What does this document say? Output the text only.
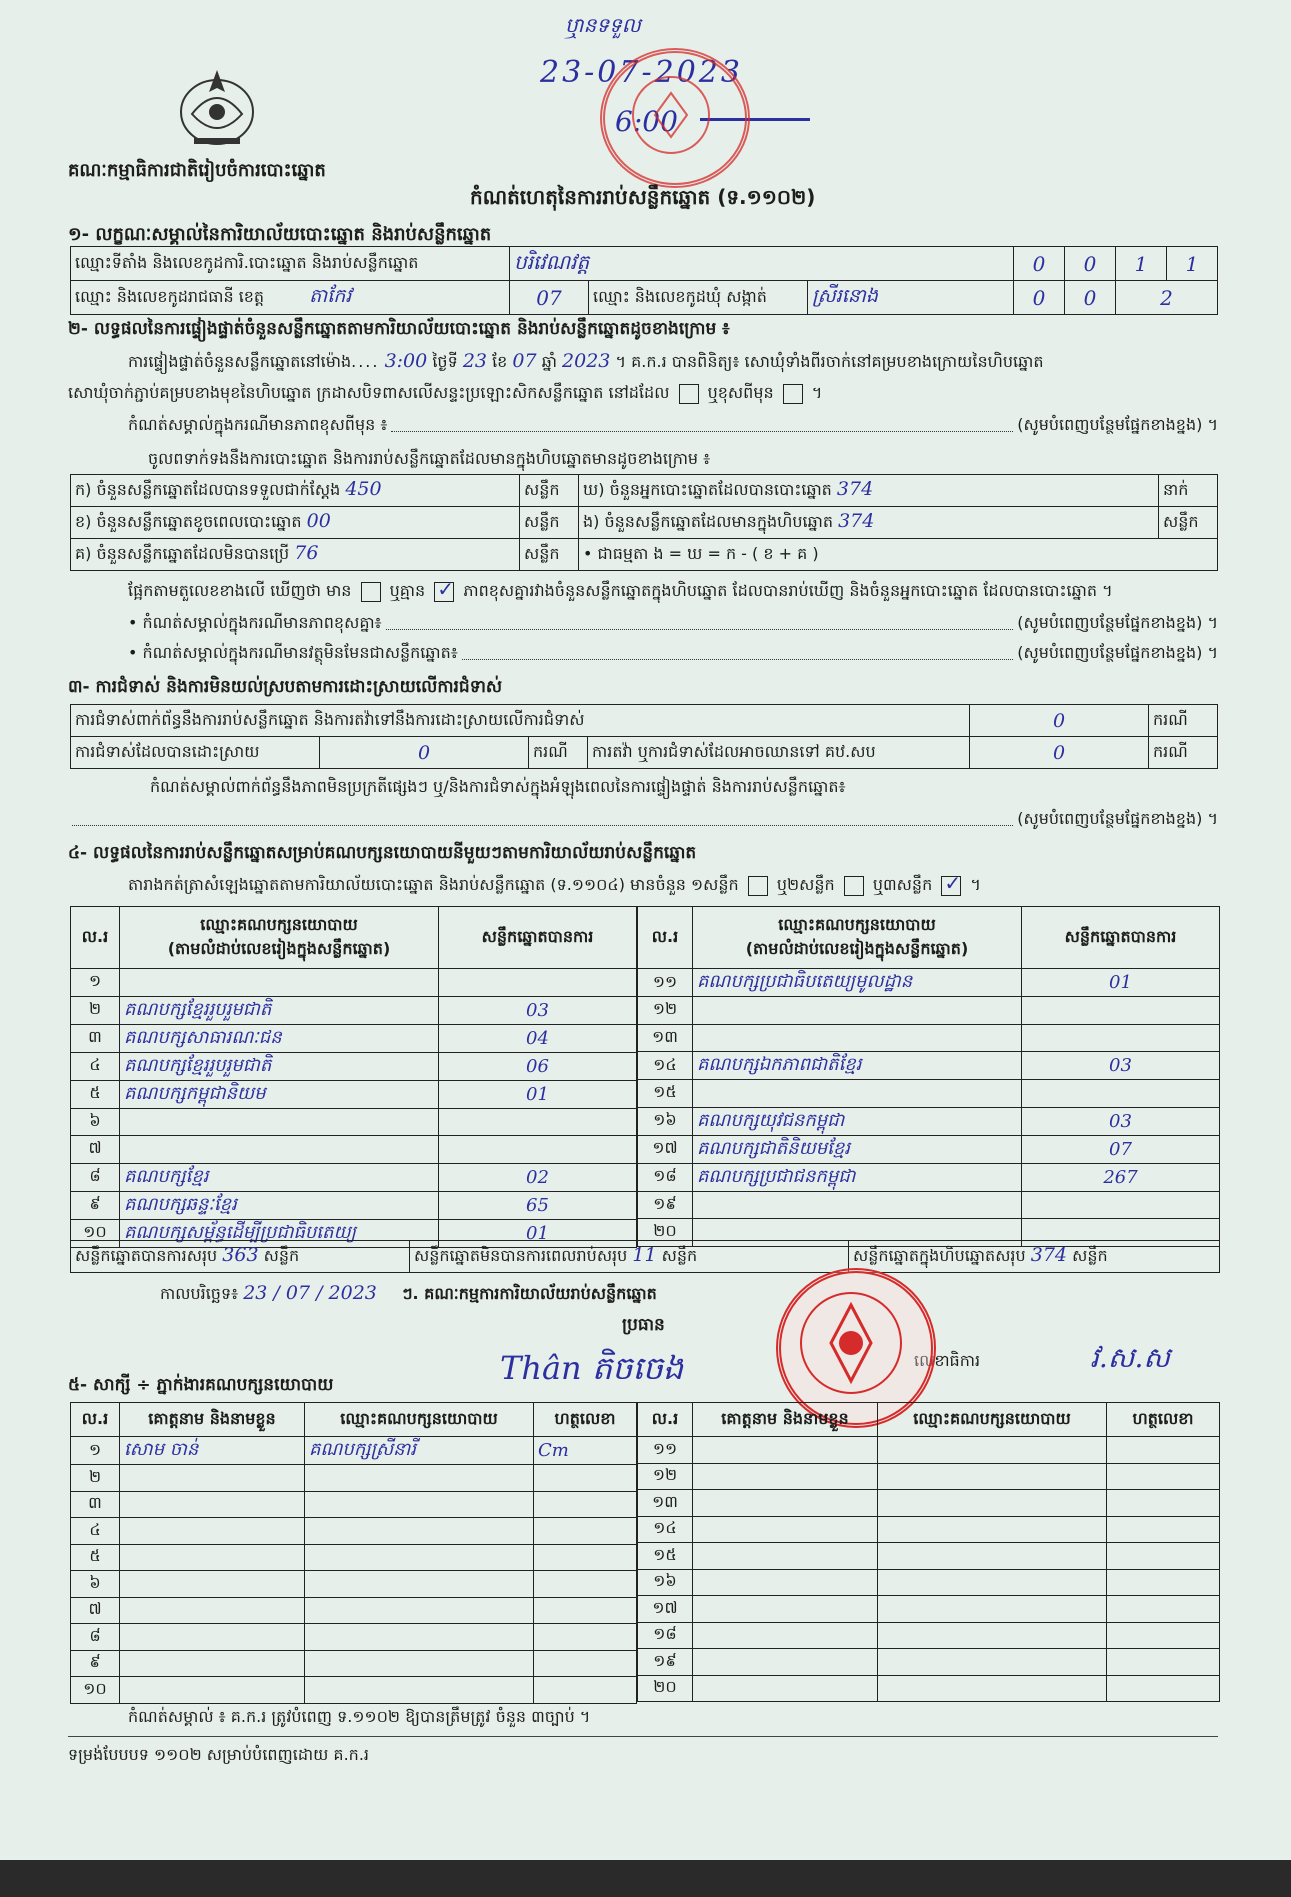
ឬានទទួល
23-07-2023
6:00
គណៈកម្មាធិការជាតិរៀបចំការបោះឆ្នោត
កំណត់ហេតុនៃការរាប់សន្លឹកឆ្នោត (ទ.១១០២)
១- លក្ខណៈសម្គាល់នៃការិយាល័យបោះឆ្នោត និងរាប់សន្លឹកឆ្នោត
ឈ្មោះទីតាំង និងលេខកូដការិ.បោះឆ្នោត និងរាប់សន្លឹកឆ្នោត	បរិវេណវត្ត			0	0	1	1
ឈ្មោះ និងលេខកូដរាជធានី ខេត្ត តាកែវ	07	ឈ្មោះ និងលេខកូដឃុំ សង្កាត់	ស្រីរនោង	0	0	2	
២- លទ្ធផលនៃការផ្ទៀងផ្ទាត់ចំនួនសន្លឹកឆ្នោតតាមការិយាល័យបោះឆ្នោត និងរាប់សន្លឹកឆ្នោតដូចខាងក្រោម ៖
ការផ្ទៀងផ្ទាត់ចំនួនសន្លឹកឆ្នោតនៅម៉ោង.... 3:00 ថ្ងៃទី 23 ខែ 07 ឆ្នាំ 2023 ។ គ.ក.រ បានពិនិត្យ៖ សោឃុំទាំងពីរចាក់នៅគម្របខាងក្រោយនៃហិបឆ្នោត
សោឃុំចាក់ភ្ជាប់គម្របខាងមុខនៃហិបឆ្នោត ក្រដាសបិទពាសលើសន្ទះប្រឡោះសិកសន្លឹកឆ្នោត នៅដដែល ឬខុសពីមុន  ។
កំណត់សម្គាល់ក្នុងករណីមានភាពខុសពីមុន ៖	(សូមបំពេញបន្ថែមផ្នែកខាងខ្នង) ។
ចូលពទាក់ទងនឹងការបោះឆ្នោត និងការរាប់សន្លឹកឆ្នោតដែលមានក្នុងហិបឆ្នោតមានដូចខាងក្រោម ៖
ក) ចំនួនសន្លឹកឆ្នោតដែលបានទទួលជាក់ស្តែង 450	សន្លឹក	ឃ) ចំនួនអ្នកបោះឆ្នោតដែលបានបោះឆ្នោត 374	នាក់
ខ) ចំនួនសន្លឹកឆ្នោតខូចពេលបោះឆ្នោត 00	សន្លឹក	ង) ចំនួនសន្លឹកឆ្នោតដែលមានក្នុងហិបឆ្នោត 374	សន្លឹក
គ) ចំនួនសន្លឹកឆ្នោតដែលមិនបានប្រើ 76	សន្លឹក	• ជាធម្មតា ង = ឃ = ក - ( ខ + គ )	
ផ្អែកតាមតួលេខខាងលើ ឃើញថា មាន ឬគ្មាន ✓ ភាពខុសគ្នារវាងចំនួនសន្លឹកឆ្នោតក្នុងហិបឆ្នោត ដែលបានរាប់ឃើញ និងចំនួនអ្នកបោះឆ្នោត ដែលបានបោះឆ្នោត ។
• កំណត់សម្គាល់ក្នុងករណីមានភាពខុសគ្នា៖	(សូមបំពេញបន្ថែមផ្នែកខាងខ្នង) ។
• កំណត់សម្គាល់ក្នុងករណីមានវត្ថុមិនមែនជាសន្លឹកឆ្នោត៖	(សូមបំពេញបន្ថែមផ្នែកខាងខ្នង) ។
៣- ការជំទាស់ និងការមិនយល់ស្របតាមការដោះស្រាយលើការជំទាស់
ការជំទាស់ពាក់ព័ន្ធនឹងការរាប់សន្លឹកឆ្នោត និងការតវ៉ាទៅនឹងការដោះស្រាយលើការជំទាស់				0	ករណី
ការជំទាស់ដែលបានដោះស្រាយ	0	ករណី	ការតវ៉ា ឬការជំទាស់ដែលអាចឈានទៅ គឋ.សប	0	ករណី
កំណត់សម្គាល់ពាក់ព័ន្ធនឹងភាពមិនប្រក្រតីផ្សេងៗ ឬ/និងការជំទាស់ក្នុងអំឡុងពេលនៃការផ្ទៀងផ្ទាត់ និងការរាប់សន្លឹកឆ្នោត៖
(សូមបំពេញបន្ថែមផ្នែកខាងខ្នង) ។
៤- លទ្ធផលនៃការរាប់សន្លឹកឆ្នោតសម្រាប់គណបក្សនយោបាយនីមួយៗតាមការិយាល័យរាប់សន្លឹកឆ្នោត
តារាងកត់ត្រាសំឡេងឆ្នោតតាមការិយាល័យបោះឆ្នោត និងរាប់សន្លឹកឆ្នោត (ទ.១១០៤) មានចំនួន ១សន្លឹក ឬ២សន្លឹក ឬ៣សន្លឹក ✓ ។
ល.រ	ឈ្មោះគណបក្សនយោបាយ
(តាមលំដាប់លេខរៀងក្នុងសន្លឹកឆ្នោត)	សន្លឹកឆ្នោតបានការ
១		
២	គណបក្សខ្មែររួបរួមជាតិ	03
៣	គណបក្សសាធារណៈជន	04
៤	គណបក្សខ្មែររួបរួមជាតិ	06
៥	គណបក្សកម្ពុជានិយម	01
៦		
៧		
៨	គណបក្សខ្មែរ	02
៩	គណបក្សឆន្ទៈខ្មែរ	65
១០	គណបក្សសម្ព័ន្ធដើម្បីប្រជាធិបតេយ្យ	01
ល.រ	ឈ្មោះគណបក្សនយោបាយ
(តាមលំដាប់លេខរៀងក្នុងសន្លឹកឆ្នោត)	សន្លឹកឆ្នោតបានការ
១១	គណបក្សប្រជាធិបតេយ្យមូលដ្ឋាន	01
១២		
១៣		
១៤	គណបក្សឯកភាពជាតិខ្មែរ	03
១៥		
១៦	គណបក្សយុវជនកម្ពុជា	03
១៧	គណបក្សជាតិនិយមខ្មែរ	07
១៨	គណបក្សប្រជាជនកម្ពុជា	267
១៩		
២០		
សន្លឹកឆ្នោតបានការសរុប 363 សន្លឹក	សន្លឹកឆ្នោតមិនបានការពេលរាប់សរុប 11 សន្លឹក	សន្លឹកឆ្នោតក្នុងហិបឆ្នោតសរុប 374 សន្លឹក
កាលបរិច្ឆេទ៖ 23 / 07 / 2023 ៗ. គណៈកម្មការការិយាល័យរាប់សន្លឹកឆ្នោត
ប្រធាន
Thân តិចចេង	លេខាធិការ	វ.ស.ស
៥- សាក្សី ÷ ភ្នាក់ងារគណបក្សនយោបាយ
ល.រ	គោត្តនាម និងនាមខ្លួន	ឈ្មោះគណបក្សនយោបាយ	ហត្ថលេខា
១	សោម ចាន់	គណបក្សស្រីនារី	Cm
២			
៣			
៤			
៥			
៦			
៧			
៨			
៩			
១០			
ល.រ	គោត្តនាម និងនាមខ្លួន	ឈ្មោះគណបក្សនយោបាយ	ហត្ថលេខា
១១			
១២			
១៣			
១៤			
១៥			
១៦			
១៧			
១៨			
១៩			
២០			
កំណត់សម្គាល់ ៖ គ.ក.រ ត្រូវបំពេញ ទ.១១០២ ឱ្យបានត្រឹមត្រូវ ចំនួន ៣ច្បាប់ ។
ទម្រង់បែបបទ ១១០២ សម្រាប់បំពេញដោយ គ.ក.រ
